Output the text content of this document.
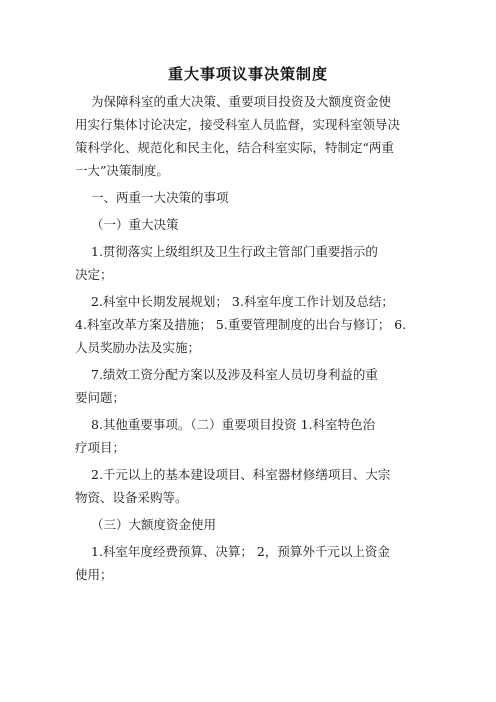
重大事项议事决策制度
为保障科室的重大决策、重要项目投资及大额度资金使
用实行集体讨论决定，接受科室人员监督，实现科室领导决
策科学化、规范化和民主化，结合科室实际，特制定“两重
一大”决策制度。
一、两重一大决策的事项
（一）重大决策
1.贯彻落实上级组织及卫生行政主管部门重要指示的
决定；
2.科室中长期发展规划； 3.科室年度工作计划及总结；
4.科室改革方案及措施； 5.重要管理制度的出台与修订； 6.
人员奖励办法及实施；
7.绩效工资分配方案以及涉及科室人员切身利益的重
要问题；
8.其他重要事项。（二）重要项目投资 1.科室特色治
疗项目；
2.千元以上的基本建设项目、科室器材修缮项目、大宗
物资、设备采购等。
（三）大额度资金使用
1.科室年度经费预算、决算； 2，预算外千元以上资金
使用；
